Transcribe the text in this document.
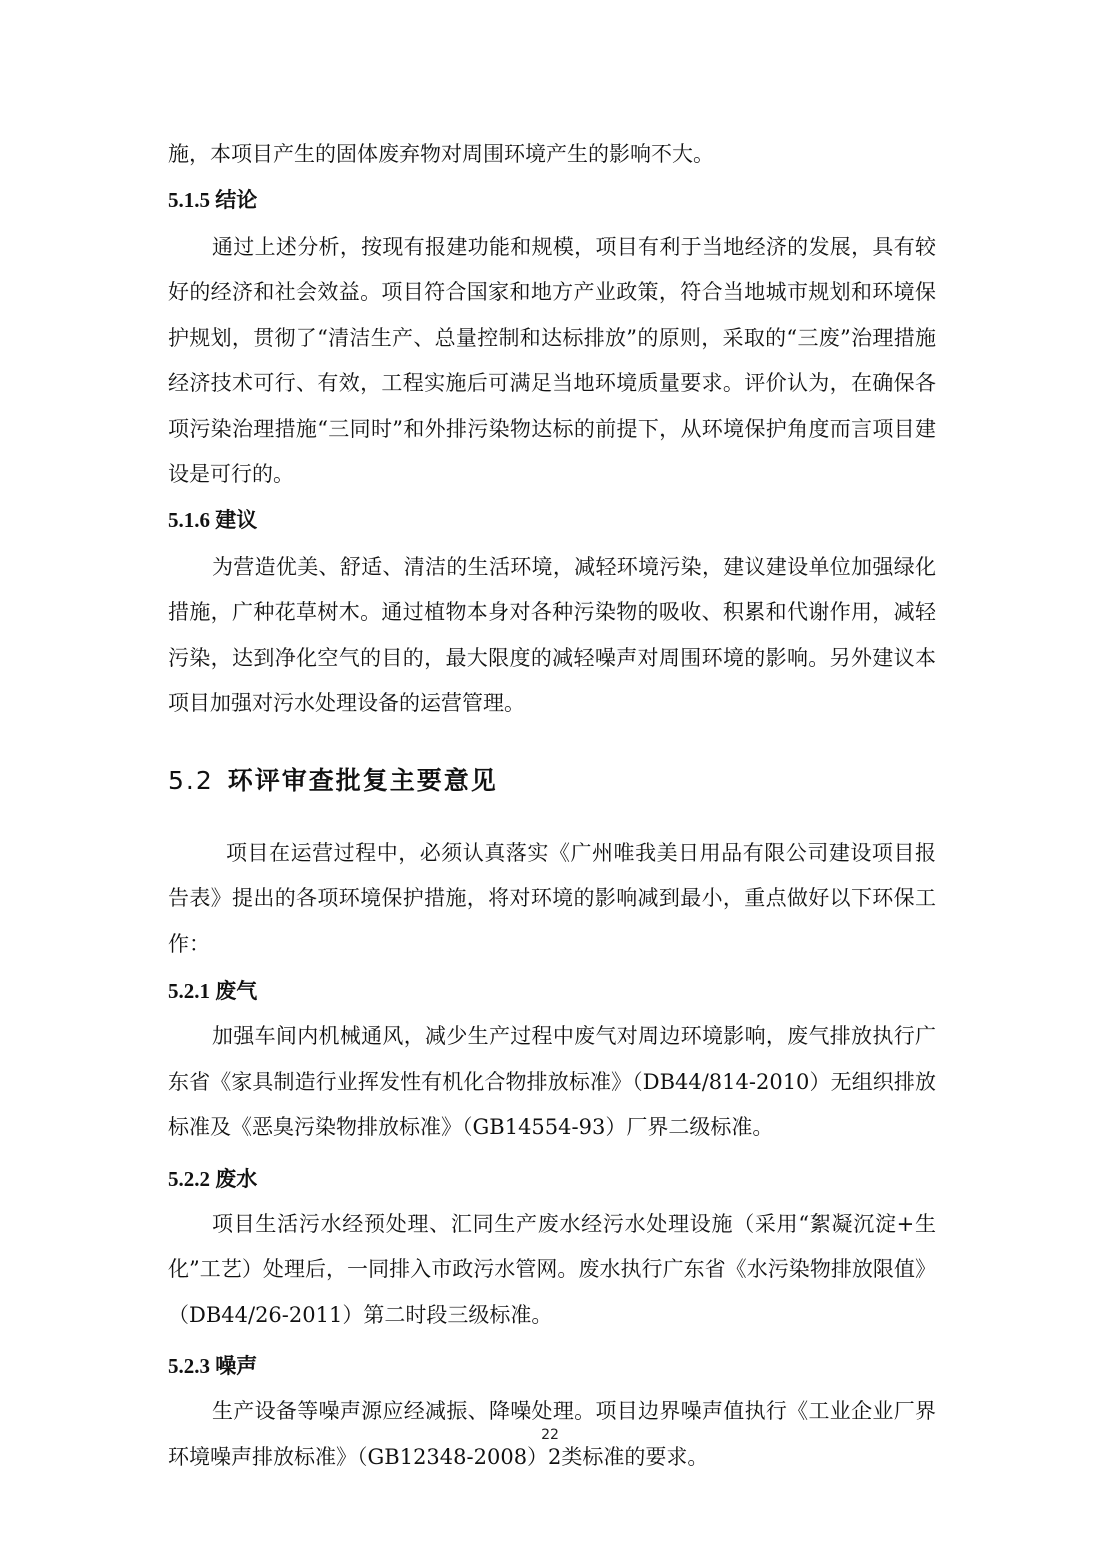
施，本项目产生的固体废弃物对周围环境产生的影响不大。

5.1.5 结论

通过上述分析，按现有报建功能和规模，项目有利于当地经济的发展，具有较好的经济和社会效益。项目符合国家和地方产业政策，符合当地城市规划和环境保护规划，贯彻了“清洁生产、总量控制和达标排放”的原则，采取的“三废”治理措施经济技术可行、有效，工程实施后可满足当地环境质量要求。评价认为，在确保各项污染治理措施“三同时”和外排污染物达标的前提下，从环境保护角度而言项目建设是可行的。

5.1.6 建议

为营造优美、舒适、清洁的生活环境，减轻环境污染，建议建设单位加强绿化措施，广种花草树木。通过植物本身对各种污染物的吸收、积累和代谢作用，减轻污染，达到净化空气的目的，最大限度的减轻噪声对周围环境的影响。另外建议本项目加强对污水处理设备的运营管理。

5.2 环评审查批复主要意见

项目在运营过程中，必须认真落实《广州唯我美日用品有限公司建设项目报告表》提出的各项环境保护措施，将对环境的影响减到最小，重点做好以下环保工作：

5.2.1 废气

加强车间内机械通风，减少生产过程中废气对周边环境影响，废气排放执行广东省《家具制造行业挥发性有机化合物排放标准》（DB44/814-2010）无组织排放标准及《恶臭污染物排放标准》（GB14554-93）厂界二级标准。

5.2.2 废水

项目生活污水经预处理、汇同生产废水经污水处理设施（采用“絮凝沉淀+生化”工艺）处理后，一同排入市政污水管网。废水执行广东省《水污染物排放限值》（DB44/26-2011）第二时段三级标准。

5.2.3 噪声

生产设备等噪声源应经减振、降噪处理。项目边界噪声值执行《工业企业厂界环境噪声排放标准》（GB12348-2008）2类标准的要求。

22
